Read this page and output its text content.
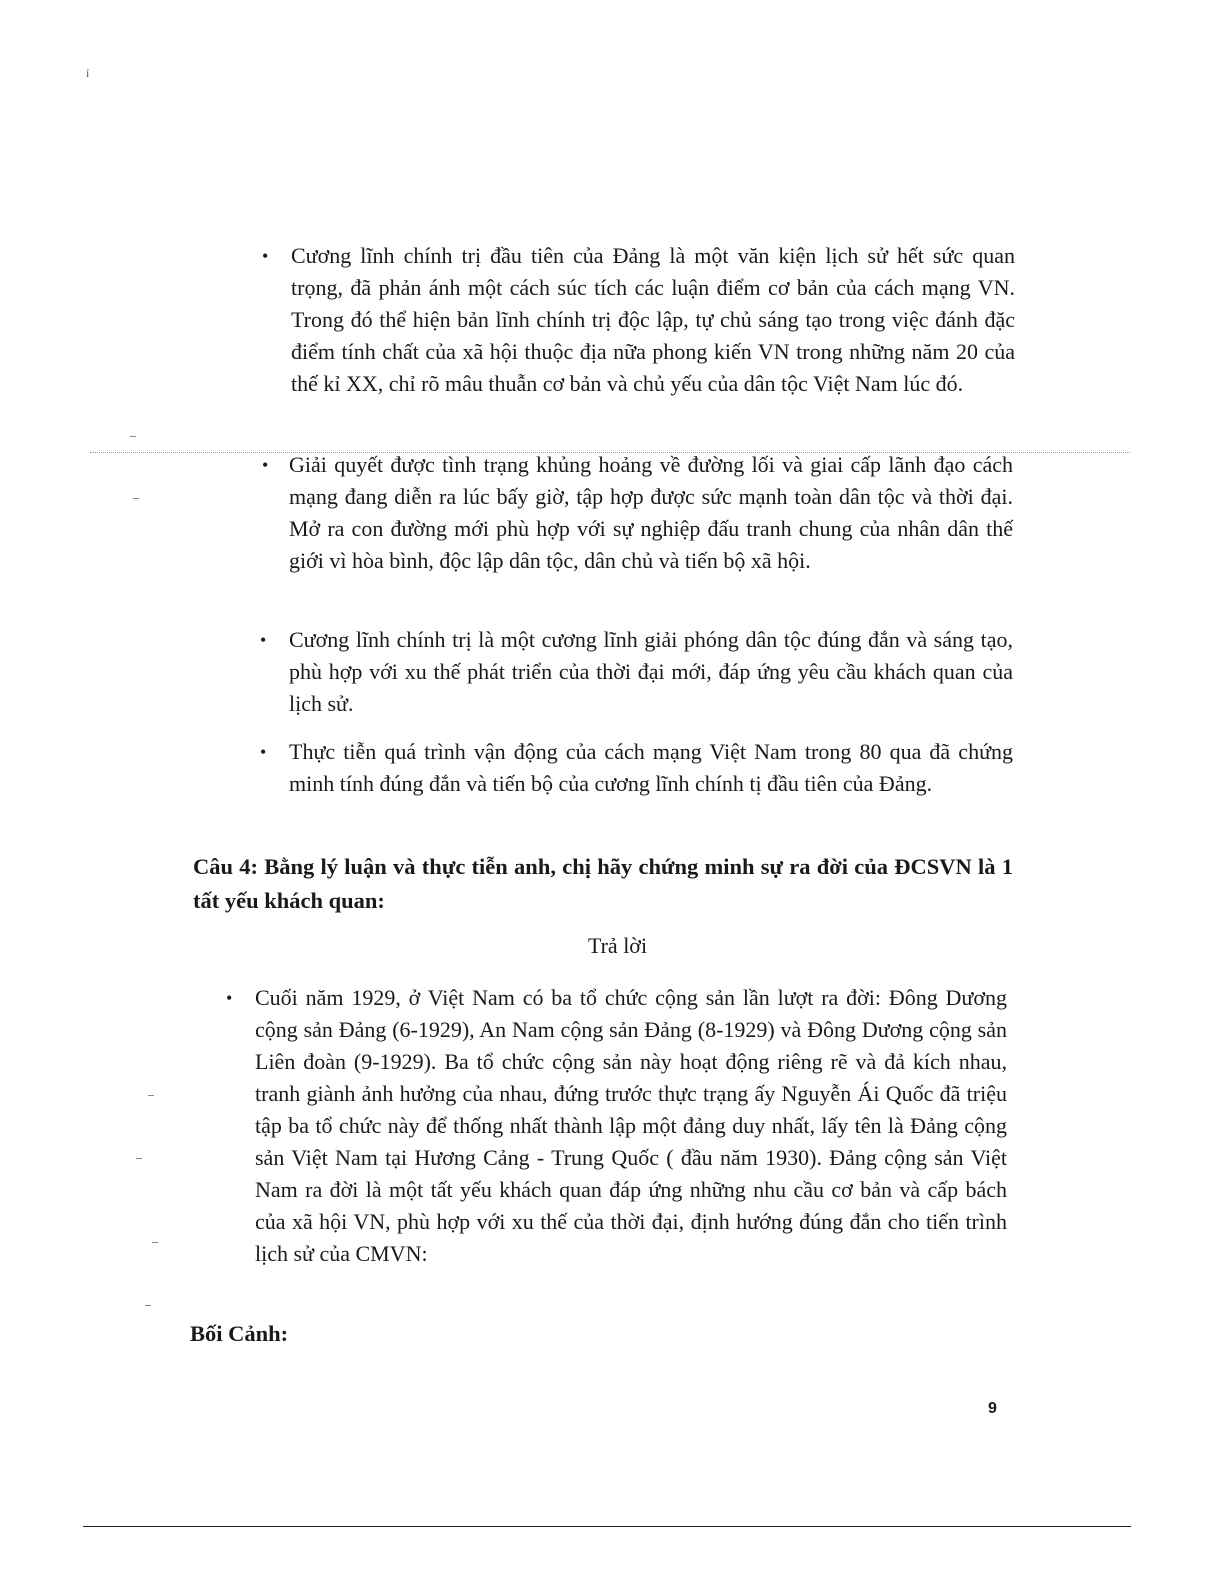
ỉ
• Cương lĩnh chính trị đầu tiên của Đảng là một văn kiện lịch sử hết sức quan trọng, đã phản ánh một cách súc tích các luận điểm cơ bản của cách mạng VN. Trong đó thể hiện bản lĩnh chính trị độc lập, tự chủ sáng tạo trong việc đánh đặc điểm tính chất của xã hội thuộc địa nữa phong kiến VN trong những năm 20 của thế kỉ XX, chỉ rõ mâu thuẫn cơ bản và chủ yếu của dân tộc Việt Nam lúc đó.

• Giải quyết được tình trạng khủng hoảng về đường lối và giai cấp lãnh đạo cách mạng đang diễn ra lúc bấy giờ, tập hợp được sức mạnh toàn dân tộc và thời đại. Mở ra con đường mới phù hợp với sự nghiệp đấu tranh chung của nhân dân thế giới vì hòa bình, độc lập dân tộc, dân chủ và tiến bộ xã hội.

• Cương lĩnh chính trị là một cương lĩnh giải phóng dân tộc đúng đắn và sáng tạo, phù hợp với xu thế phát triển của thời đại mới, đáp ứng yêu cầu khách quan của lịch sử.

• Thực tiễn quá trình vận động của cách mạng Việt Nam trong 80 qua đã chứng minh tính đúng đắn và tiến bộ của cương lĩnh chính tị đầu tiên của Đảng.

Câu 4: Bằng lý luận và thực tiễn anh, chị hãy chứng minh sự ra đời của ĐCSVN là 1 tất yếu khách quan:

Trả lời

• Cuối năm 1929, ở Việt Nam có ba tổ chức cộng sản lần lượt ra đời: Đông Dương cộng sản Đảng (6-1929), An Nam cộng sản Đảng (8-1929) và Đông Dương cộng sản Liên đoàn (9-1929). Ba tổ chức cộng sản này hoạt động riêng rẽ và đả kích nhau, tranh giành ảnh hưởng của nhau, đứng trước thực trạng ấy Nguyễn Ái Quốc đã triệu tập ba tổ chức này để thống nhất thành lập một đảng duy nhất, lấy tên là Đảng cộng sản Việt Nam tại Hương Cảng - Trung Quốc ( đầu năm 1930). Đảng cộng sản Việt Nam ra đời là một tất yếu khách quan đáp ứng những nhu cầu cơ bản và cấp bách của xã hội VN, phù hợp với xu thế của thời đại, định hướng đúng đắn cho tiến trình lịch sử của CMVN:

Bối Cảnh:

9
